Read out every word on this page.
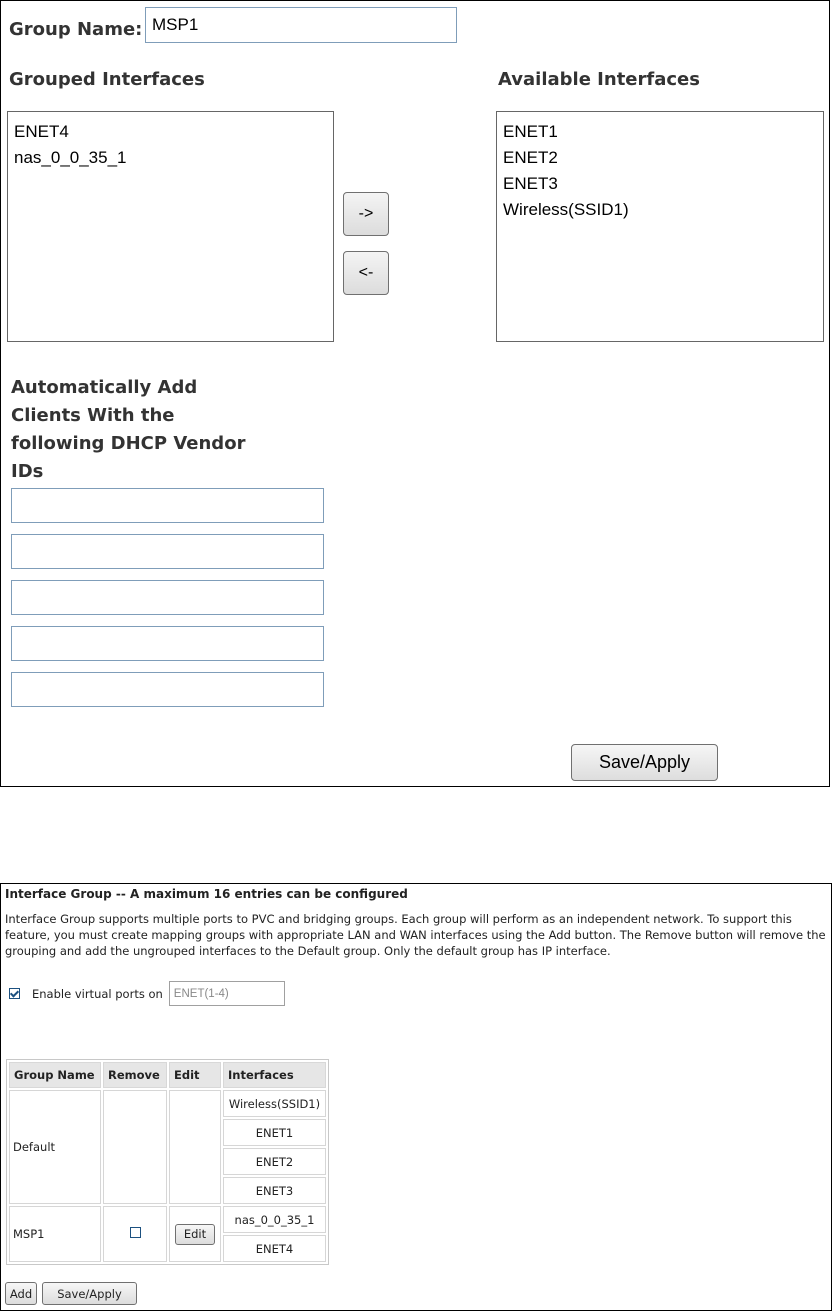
Group Name:
MSP1
Grouped Interfaces	Available Interfaces
ENET4
nas_0_0_35_1
->
<-
ENET1
ENET2
ENET3
Wireless(SSID1)
Automatically Add Clients With the following DHCP Vendor IDs
Save/Apply
Interface Group -- A maximum 16 entries can be configured
Interface Group supports multiple ports to PVC and bridging groups. Each group will perform as an independent network. To support this feature, you must create mapping groups with appropriate LAN and WAN interfaces using the Add button. The Remove button will remove the grouping and add the ungrouped interfaces to the Default group. Only the default group has IP interface.
Enable virtual ports on
ENET(1-4)
Group Name	Remove	Edit	Interfaces
Default			Wireless(SSID1)
			ENET1
			ENET2
			ENET3
MSP1		Edit	nas_0_0_35_1
			ENET4
Add	Save/Apply
